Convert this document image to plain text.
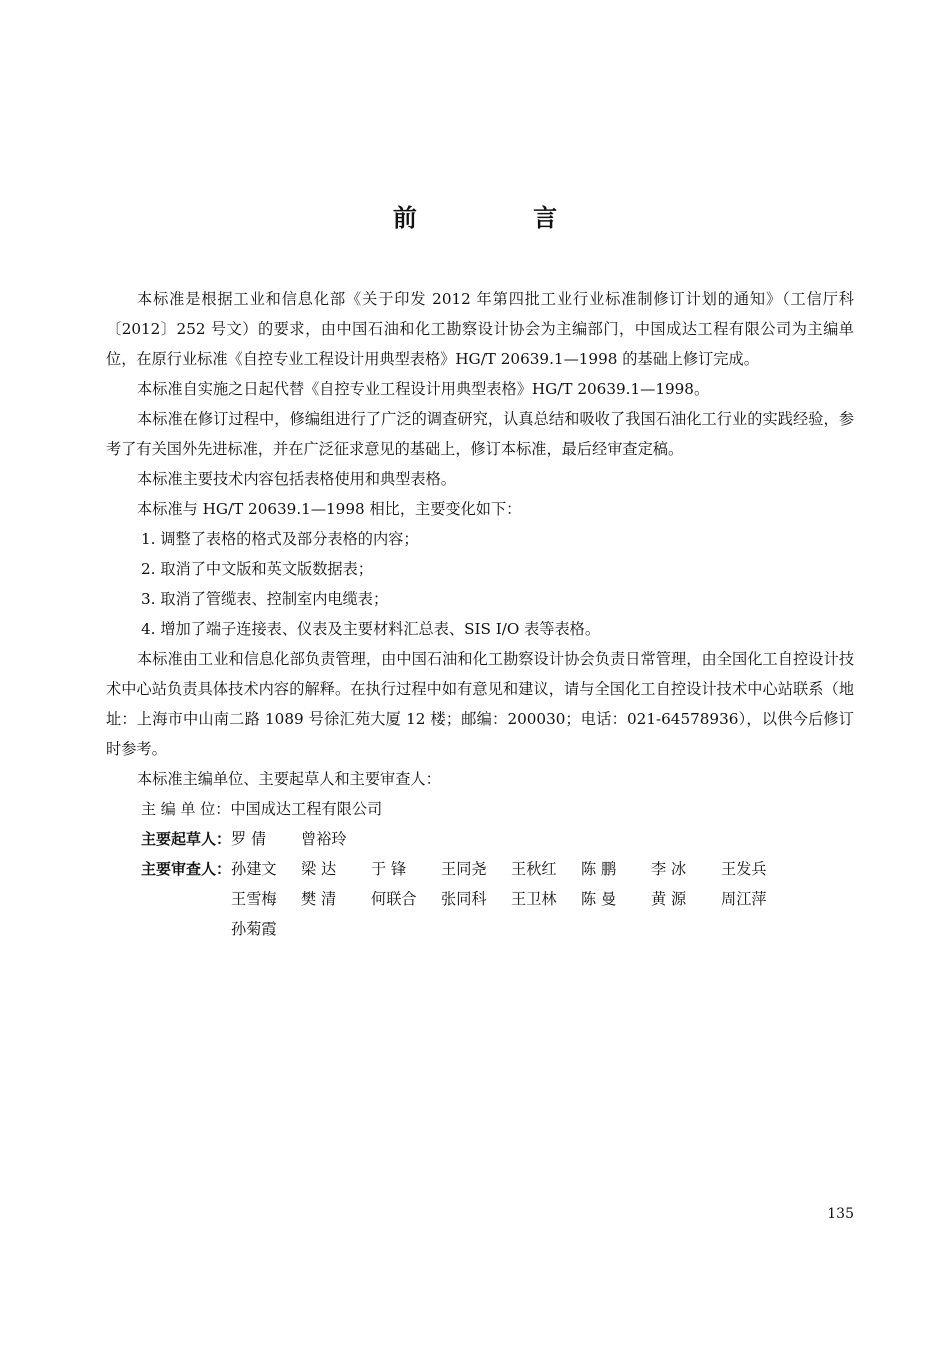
前 言

本标准是根据工业和信息化部《关于印发 2012 年第四批工业行业标准制修订计划的通知》（工信厅科〔2012〕252 号文）的要求，由中国石油和化工勘察设计协会为主编部门，中国成达工程有限公司为主编单位，在原行业标准《自控专业工程设计用典型表格》HG/T 20639.1—1998 的基础上修订完成。

本标准自实施之日起代替《自控专业工程设计用典型表格》HG/T 20639.1—1998。

本标准在修订过程中，修编组进行了广泛的调查研究，认真总结和吸收了我国石油化工行业的实践经验，参考了有关国外先进标准，并在广泛征求意见的基础上，修订本标准，最后经审查定稿。

本标准主要技术内容包括表格使用和典型表格。

本标准与 HG/T 20639.1—1998 相比，主要变化如下：

1. 调整了表格的格式及部分表格的内容；

2. 取消了中文版和英文版数据表；

3. 取消了管缆表、控制室内电缆表；

4. 增加了端子连接表、仪表及主要材料汇总表、SIS I/O 表等表格。

本标准由工业和信息化部负责管理，由中国石油和化工勘察设计协会负责日常管理，由全国化工自控设计技术中心站负责具体技术内容的解释。在执行过程中如有意见和建议，请与全国化工自控设计技术中心站联系（地址：上海市中山南二路 1089 号徐汇苑大厦 12 楼；邮编：200030；电话：021-64578936），以供今后修订时参考。

本标准主编单位、主要起草人和主要审查人：

主 编 单 位： 中国成达工程有限公司
主要起草人： 罗 倩	曾裕玲
主要审查人： 孙建文	梁 达	于 锋	王同尧	王秋红	陈 鹏	李 冰	王发兵
王雪梅	樊 清	何联合	张同科	王卫林	陈 曼	黄 源	周江萍
孙菊霞
135
